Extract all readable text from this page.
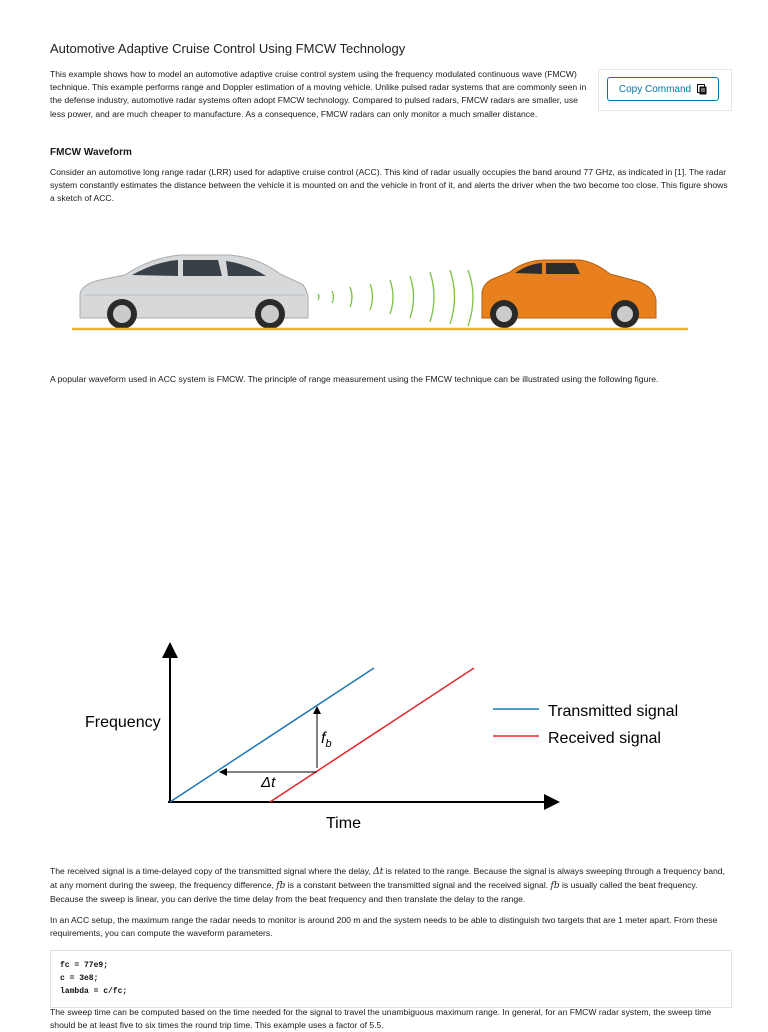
Automotive Adaptive Cruise Control Using FMCW Technology

This example shows how to model an automotive adaptive cruise control system using the frequency modulated continuous wave (FMCW) technique. This example performs range and Doppler estimation of a moving vehicle. Unlike pulsed radar systems that are commonly seen in the defense industry, automotive radar systems often adopt FMCW technology. Compared to pulsed radars, FMCW radars are smaller, use less power, and are much cheaper to manufacture. As a consequence, FMCW radars can only monitor a much smaller distance.

Copy Command
FMCW Waveform

Consider an automotive long range radar (LRR) used for adaptive cruise control (ACC). This kind of radar usually occupies the band around 77 GHz, as indicated in [1]. The radar system constantly estimates the distance between the vehicle it is mounted on and the vehicle in front of it, and alerts the driver when the two become too close. This figure shows a sketch of ACC.

A popular waveform used in ACC system is FMCW. The principle of range measurement using the FMCW technique can be illustrated using the following figure.

Frequency
Time
Δt
$f_b$
Transmitted signal
Received signal

The received signal is a time-delayed copy of the transmitted signal where the delay, Δt is related to the range. Because the signal is always sweeping through a frequency band, at any moment during the sweep, the frequency difference, fb is a constant between the transmitted signal and the received signal. fb is usually called the beat frequency. Because the sweep is linear, you can derive the time delay from the beat frequency and then translate the delay to the range.

In an ACC setup, the maximum range the radar needs to monitor is around 200 m and the system needs to be able to distinguish two targets that are 1 meter apart. From these requirements, you can compute the waveform parameters.

fc = 77e9;
c = 3e8;
lambda = c/fc;

The sweep time can be computed based on the time needed for the signal to travel the unambiguous maximum range. In general, for an FMCW radar system, the sweep time should be at least five to six times the round trip time. This example uses a factor of 5.5.
